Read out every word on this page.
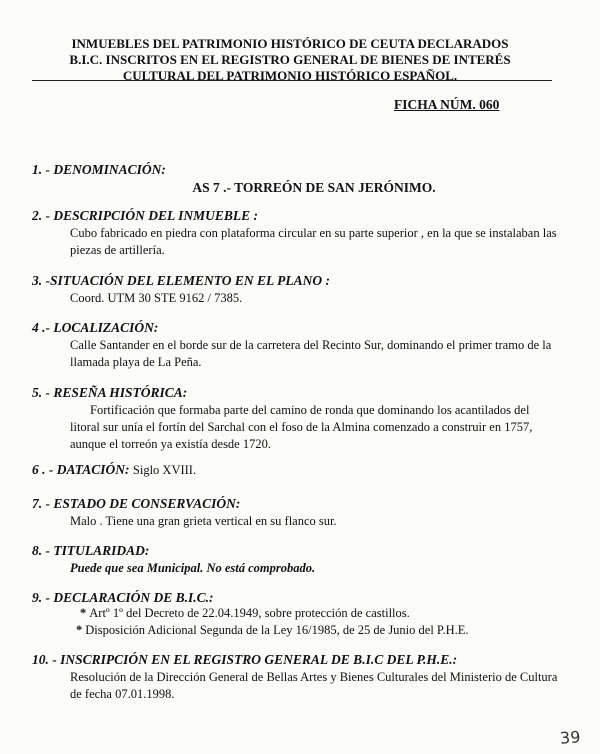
INMUEBLES DEL PATRIMONIO HISTÓRICO DE CEUTA DECLARADOS
B.I.C. INSCRITOS EN EL REGISTRO GENERAL DE BIENES DE INTERÉS
CULTURAL DEL PATRIMONIO HISTÓRICO ESPAÑOL.
FICHA NÚM. 060
1. - DENOMINACIÓN:
AS 7 .- TORREÓN DE SAN JERÓNIMO.
2. - DESCRIPCIÓN DEL INMUEBLE :
Cubo fabricado en piedra con plataforma circular en su parte superior , en la que se instalaban las piezas de artillería.
3. -SITUACIÓN DEL ELEMENTO EN EL PLANO :
Coord. UTM 30 STE 9162 / 7385.
4 .- LOCALIZACIÓN:
Calle Santander en el borde sur de la carretera del Recinto Sur, dominando el primer tramo de la llamada playa de La Peña.
5. - RESEÑA HISTÓRICA:
Fortificación que formaba parte del camino de ronda que dominando los acantilados del litoral sur unía el fortín del Sarchal con el foso de la Almina comenzado a construir en 1757, aunque el torreón ya existía desde 1720.
6 . - DATACIÓN: Siglo XVIII.
7. - ESTADO DE CONSERVACIÓN:
Malo . Tiene una gran grieta vertical en su flanco sur.
8. - TITULARIDAD:
Puede que sea Municipal. No está comprobado.
9. - DECLARACIÓN DE B.I.C.:
* Artº 1º del Decreto de 22.04.1949, sobre protección de castillos.
* Disposición Adicional Segunda de la Ley 16/1985, de 25 de Junio del P.H.E.
10. - INSCRIPCIÓN EN EL REGISTRO GENERAL DE B.I.C DEL P.H.E.:
Resolución de la Dirección General de Bellas Artes y Bienes Culturales del Ministerio de Cultura de fecha 07.01.1998.
39
